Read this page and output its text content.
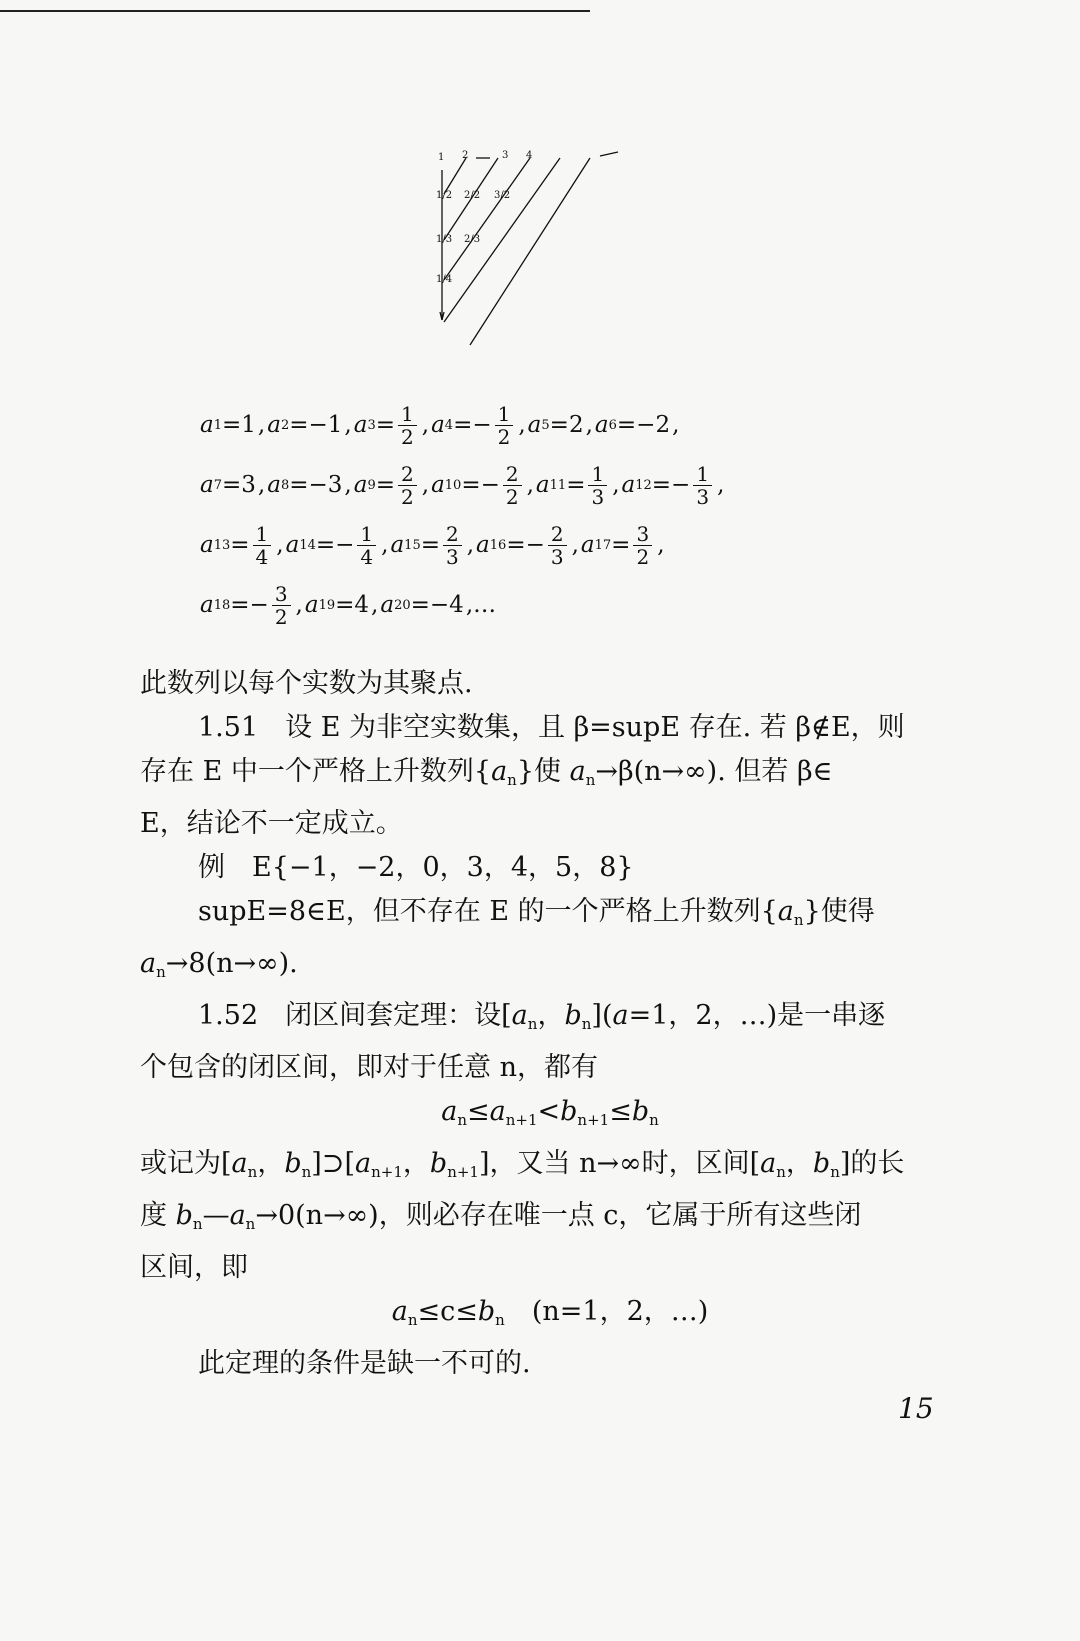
1 2	3 4
1/2
1/3
1/4
2/2
2/3
3/2
a 1 = 1 , a 2 = −1 , a $3 = \frac{1}{2}$ , a $4 =- \frac{1}{2}$ , a 5 = 2 , a 6 = −2 ,
a 7 = 3 , a 8 = −3 , a $9 = \frac{2}{2}$ , a $10 =- \frac{2}{2}$ , a $11 = \frac{1}{3}$ , a $12 =- \frac{1}{3}$ ,
a $13 = \frac{1}{4}$ , a $14 =- \frac{1}{4}$ , a $15 = \frac{2}{3}$ , a $16 =- \frac{2}{3}$ , a $17 = \frac{3}{2}$ ,
a $18 =- \frac{3}{2}$ , a 19 = 4 , a 20 = −4 ,…

此数列以每个实数为其聚点.

1.51　设 E 为非空实数集，且 β=supE 存在. 若 β∉E，则

存在 E 中一个严格上升数列$\{a_n\}$使 $a_n\to\beta(n\to\infty)$. 但若 β∈

E，结论不一定成立。

例　E{−1，−2，0，3，4，5，8}

supE=8∈E，但不存在 E 的一个严格上升数列$\{a_n\}$使得

$a_n\to 8(n\to\infty)$.

1.52　闭区间套定理：设[$a_n$，$b_n](a=1$，2，…)是一串逐

个包含的闭区间，即对于任意 n，都有

$a_n\le a_{n+1}<b_{n+1}\le b_n$

或记为[$a_n$，$b_n]⊃[a_{n+1}$，$b_{n+1}$]，又当 n→∞时，区间[$a_n$，$b_n$]的长

度 $b_n—a_n\to 0(n\to\infty)$，则必存在唯一点 c，它属于所有这些闭

区间，即

$a_n\le c\le b_n$　(n=1，2，…)

此定理的条件是缺一不可的.

15
